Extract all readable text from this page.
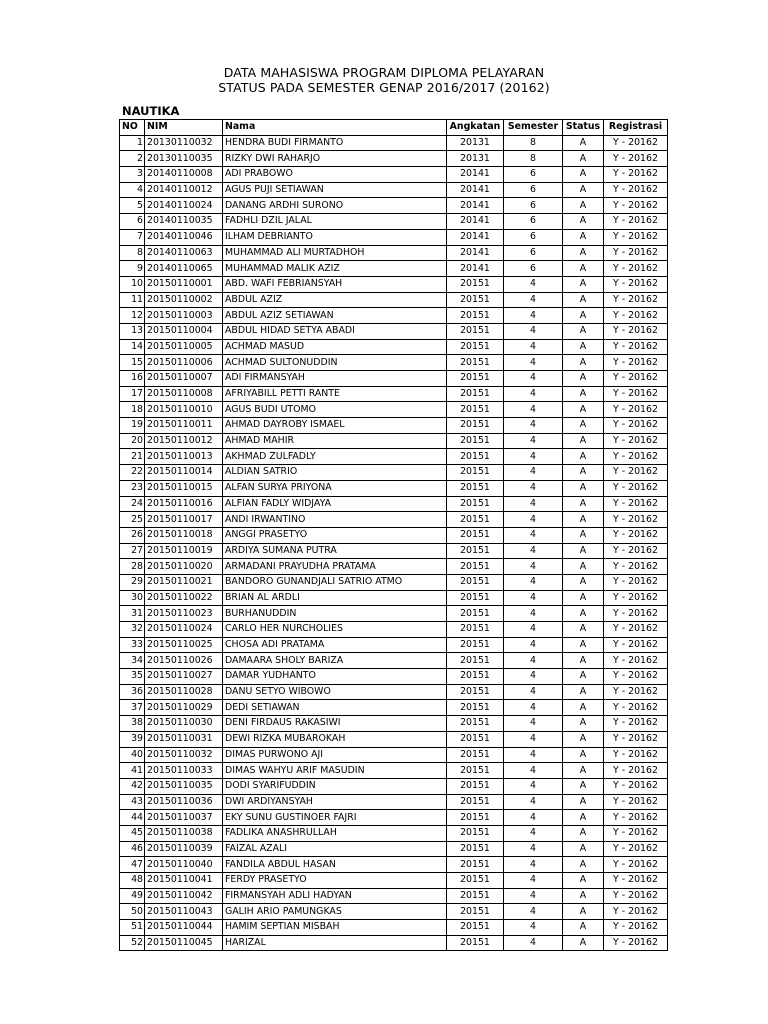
DATA MAHASISWA PROGRAM DIPLOMA PELAYARAN
STATUS PADA SEMESTER GENAP 2016/2017 (20162)
NAUTIKA
NO	NIM	Nama	Angkatan	Semester	Status	Registrasi
1	20130110032	HENDRA BUDI FIRMANTO	20131	8	A	Y - 20162
2	20130110035	RIZKY DWI RAHARJO	20131	8	A	Y - 20162
3	20140110008	ADI PRABOWO	20141	6	A	Y - 20162
4	20140110012	AGUS PUJI SETIAWAN	20141	6	A	Y - 20162
5	20140110024	DANANG ARDHI SURONO	20141	6	A	Y - 20162
6	20140110035	FADHLI DZIL JALAL	20141	6	A	Y - 20162
7	20140110046	ILHAM DEBRIANTO	20141	6	A	Y - 20162
8	20140110063	MUHAMMAD ALI MURTADHOH	20141	6	A	Y - 20162
9	20140110065	MUHAMMAD MALIK AZIZ	20141	6	A	Y - 20162
10	20150110001	ABD. WAFI FEBRIANSYAH	20151	4	A	Y - 20162
11	20150110002	ABDUL AZIZ	20151	4	A	Y - 20162
12	20150110003	ABDUL AZIZ SETIAWAN	20151	4	A	Y - 20162
13	20150110004	ABDUL HIDAD SETYA ABADI	20151	4	A	Y - 20162
14	20150110005	ACHMAD MASUD	20151	4	A	Y - 20162
15	20150110006	ACHMAD SULTONUDDIN	20151	4	A	Y - 20162
16	20150110007	ADI FIRMANSYAH	20151	4	A	Y - 20162
17	20150110008	AFRIYABILL PETTI RANTE	20151	4	A	Y - 20162
18	20150110010	AGUS BUDI UTOMO	20151	4	A	Y - 20162
19	20150110011	AHMAD DAYROBY ISMAEL	20151	4	A	Y - 20162
20	20150110012	AHMAD MAHIR	20151	4	A	Y - 20162
21	20150110013	AKHMAD ZULFADLY	20151	4	A	Y - 20162
22	20150110014	ALDIAN SATRIO	20151	4	A	Y - 20162
23	20150110015	ALFAN SURYA PRIYONA	20151	4	A	Y - 20162
24	20150110016	ALFIAN FADLY WIDJAYA	20151	4	A	Y - 20162
25	20150110017	ANDI IRWANTINO	20151	4	A	Y - 20162
26	20150110018	ANGGI PRASETYO	20151	4	A	Y - 20162
27	20150110019	ARDIYA SUMANA PUTRA	20151	4	A	Y - 20162
28	20150110020	ARMADANI PRAYUDHA PRATAMA	20151	4	A	Y - 20162
29	20150110021	BANDORO GUNANDJALI SATRIO ATMO	20151	4	A	Y - 20162
30	20150110022	BRIAN AL ARDLI	20151	4	A	Y - 20162
31	20150110023	BURHANUDDIN	20151	4	A	Y - 20162
32	20150110024	CARLO HER NURCHOLIES	20151	4	A	Y - 20162
33	20150110025	CHOSA ADI PRATAMA	20151	4	A	Y - 20162
34	20150110026	DAMAARA SHOLY BARIZA	20151	4	A	Y - 20162
35	20150110027	DAMAR YUDHANTO	20151	4	A	Y - 20162
36	20150110028	DANU SETYO WIBOWO	20151	4	A	Y - 20162
37	20150110029	DEDI SETIAWAN	20151	4	A	Y - 20162
38	20150110030	DENI FIRDAUS RAKASIWI	20151	4	A	Y - 20162
39	20150110031	DEWI RIZKA MUBAROKAH	20151	4	A	Y - 20162
40	20150110032	DIMAS PURWONO AJI	20151	4	A	Y - 20162
41	20150110033	DIMAS WAHYU ARIF MASUDIN	20151	4	A	Y - 20162
42	20150110035	DODI SYARIFUDDIN	20151	4	A	Y - 20162
43	20150110036	DWI ARDIYANSYAH	20151	4	A	Y - 20162
44	20150110037	EKY SUNU GUSTINOER FAJRI	20151	4	A	Y - 20162
45	20150110038	FADLIKA ANASHRULLAH	20151	4	A	Y - 20162
46	20150110039	FAIZAL AZALI	20151	4	A	Y - 20162
47	20150110040	FANDILA ABDUL HASAN	20151	4	A	Y - 20162
48	20150110041	FERDY PRASETYO	20151	4	A	Y - 20162
49	20150110042	FIRMANSYAH ADLI HADYAN	20151	4	A	Y - 20162
50	20150110043	GALIH ARIO PAMUNGKAS	20151	4	A	Y - 20162
51	20150110044	HAMIM SEPTIAN MISBAH	20151	4	A	Y - 20162
52	20150110045	HARIZAL	20151	4	A	Y - 20162
